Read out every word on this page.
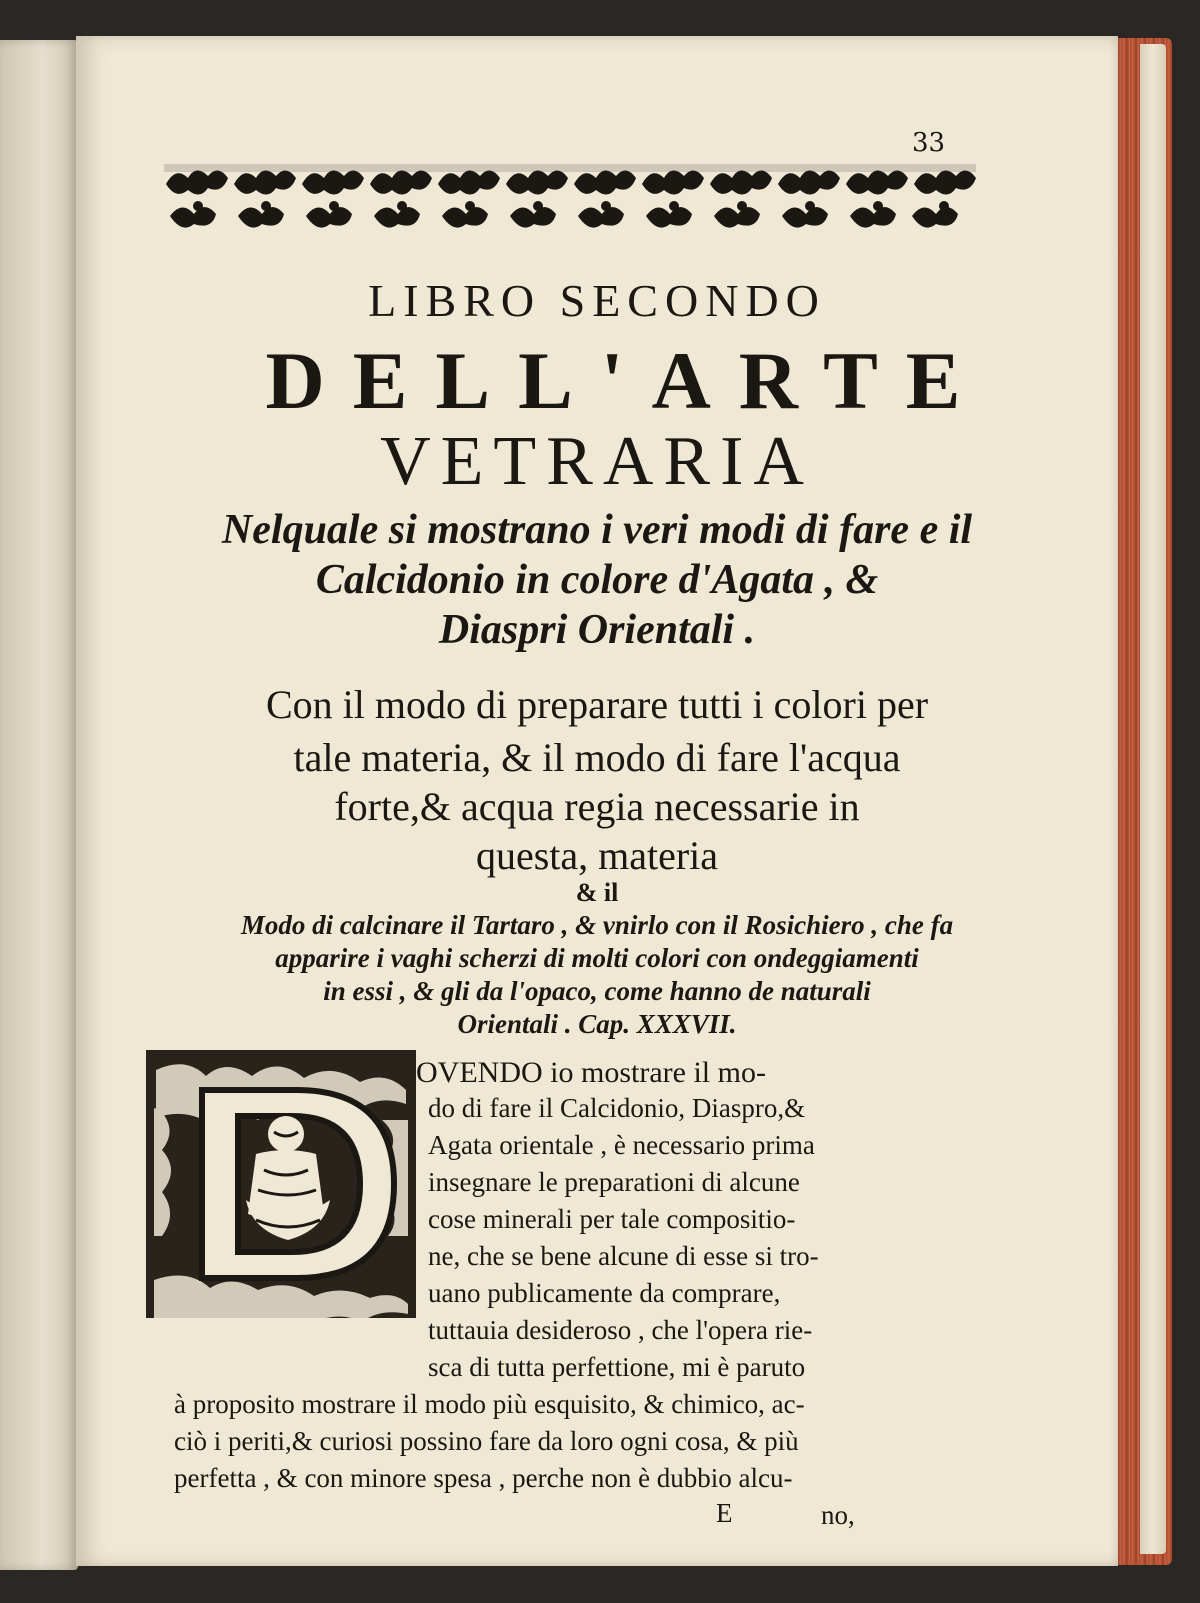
33
LIBRO SECONDO
DELL'ARTE
VETRARIA
Nelquale si mostrano i veri modi di fare e il
Calcidonio in colore d'Agata , &
Diaspri Orientali .
Con il modo di preparare tutti i colori per
tale materia, & il modo di fare l'acqua
forte,& acqua regia necessarie in
questa, materia
& il
Modo di calcinare il Tartaro , & vnirlo con il Rosichiero , che fa
apparire i vaghi scherzi di molti colori con ondeggiamenti
in essi , & gli da l'opaco, come hanno de naturali
Orientali . Cap. XXXVII.
OVENDO io mostrare il mo-
do di fare il Calcidonio, Diaspro,&
Agata orientale , è necessario prima
insegnare le preparationi di alcune
cose minerali per tale compositio-
ne, che se bene alcune di esse si tro-
uano publicamente da comprare,
tuttauia desideroso , che l'opera rie-
sca di tutta perfettione, mi è paruto
à proposito mostrare il modo più esquisito, & chimico, ac-
ciò i periti,& curiosi possino fare da loro ogni cosa, & più
perfetta , & con minore spesa , perche non è dubbio alcu-
E	no,
